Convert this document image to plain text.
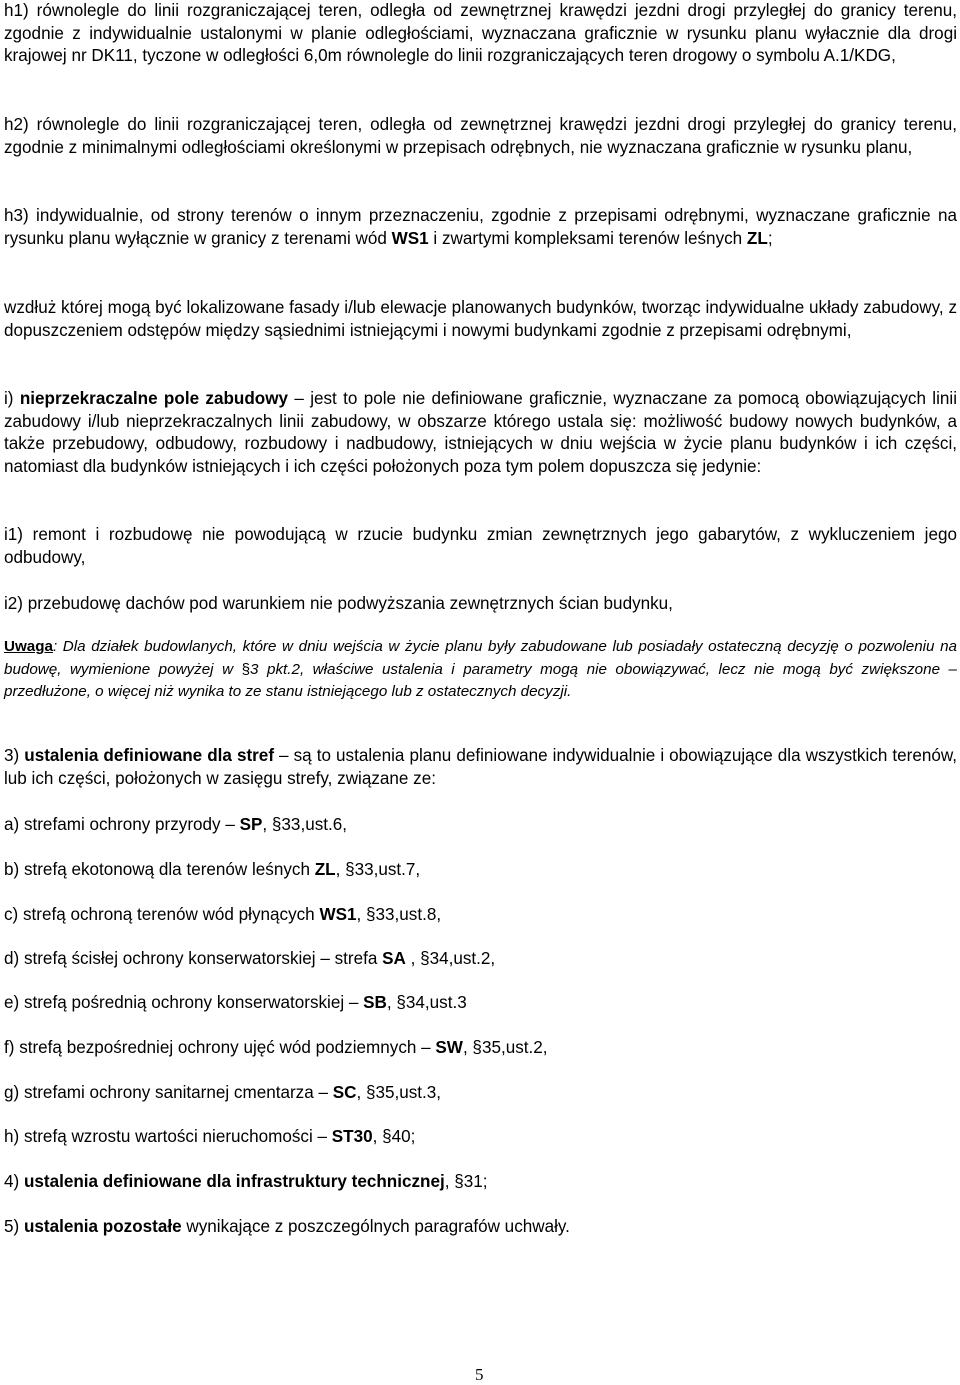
h1) równolegle do linii rozgraniczającej teren, odległa od zewnętrznej krawędzi jezdni drogi przyległej do granicy terenu, zgodnie z indywidualnie ustalonymi w planie odległościami, wyznaczana graficznie w rysunku planu wyłacznie dla drogi krajowej nr DK11, tyczone w odległości 6,0m równolegle do linii rozgraniczających teren drogowy o symbolu A.1/KDG,
h2) równolegle do linii rozgraniczającej teren, odległa od zewnętrznej krawędzi jezdni drogi przyległej do granicy terenu, zgodnie z minimalnymi odległościami określonymi w przepisach odrębnych, nie wyznaczana graficznie w rysunku planu,
h3) indywidualnie, od strony terenów o innym przeznaczeniu, zgodnie z przepisami odrębnymi, wyznaczane graficznie na rysunku planu wyłącznie w granicy z terenami wód WS1 i zwartymi kompleksami terenów leśnych ZL;
wzdłuż której mogą być lokalizowane fasady i/lub elewacje planowanych budynków, tworząc indywidualne układy zabudowy, z dopuszczeniem odstępów między sąsiednimi istniejącymi i nowymi budynkami zgodnie z przepisami odrębnymi,
i) nieprzekraczalne pole zabudowy – jest to pole nie definiowane graficznie, wyznaczane za pomocą obowiązujących linii zabudowy i/lub nieprzekraczalnych linii zabudowy, w obszarze którego ustala się: możliwość budowy nowych budynków, a także przebudowy, odbudowy, rozbudowy i nadbudowy, istniejących w dniu wejścia w życie planu budynków i ich części, natomiast dla budynków istniejących i ich części położonych poza tym polem dopuszcza się jedynie:
i1) remont i rozbudowę nie powodującą w rzucie budynku zmian zewnętrznych jego gabarytów, z wykluczeniem jego odbudowy,
i2) przebudowę dachów pod warunkiem nie podwyższania zewnętrznych ścian budynku,
Uwaga: Dla działek budowlanych, które w dniu wejścia w życie planu były zabudowane lub posiadały ostateczną decyzję o pozwoleniu na budowę, wymienione powyżej w §3 pkt.2, właściwe ustalenia i parametry mogą nie obowiązywać, lecz nie mogą być zwiększone – przedłużone, o więcej niż wynika to ze stanu istniejącego lub z ostatecznych decyzji.
3) ustalenia definiowane dla stref – są to ustalenia planu definiowane indywidualnie i obowiązujące dla wszystkich terenów, lub ich części, położonych w zasięgu strefy, związane ze:
a) strefami ochrony przyrody – SP, §33,ust.6,
b) strefą ekotonową dla terenów leśnych ZL, §33,ust.7,
c) strefą ochroną terenów wód płynących WS1, §33,ust.8,
d) strefą ścisłej ochrony konserwatorskiej – strefa SA , §34,ust.2,
e) strefą pośrednią ochrony konserwatorskiej – SB, §34,ust.3
f) strefą bezpośredniej ochrony ujęć wód podziemnych – SW, §35,ust.2,
g) strefami ochrony sanitarnej cmentarza – SC, §35,ust.3,
h) strefą wzrostu wartości nieruchomości – ST30, §40;
4) ustalenia definiowane dla infrastruktury technicznej, §31;
5) ustalenia pozostałe wynikające z poszczególnych paragrafów uchwały.
5
